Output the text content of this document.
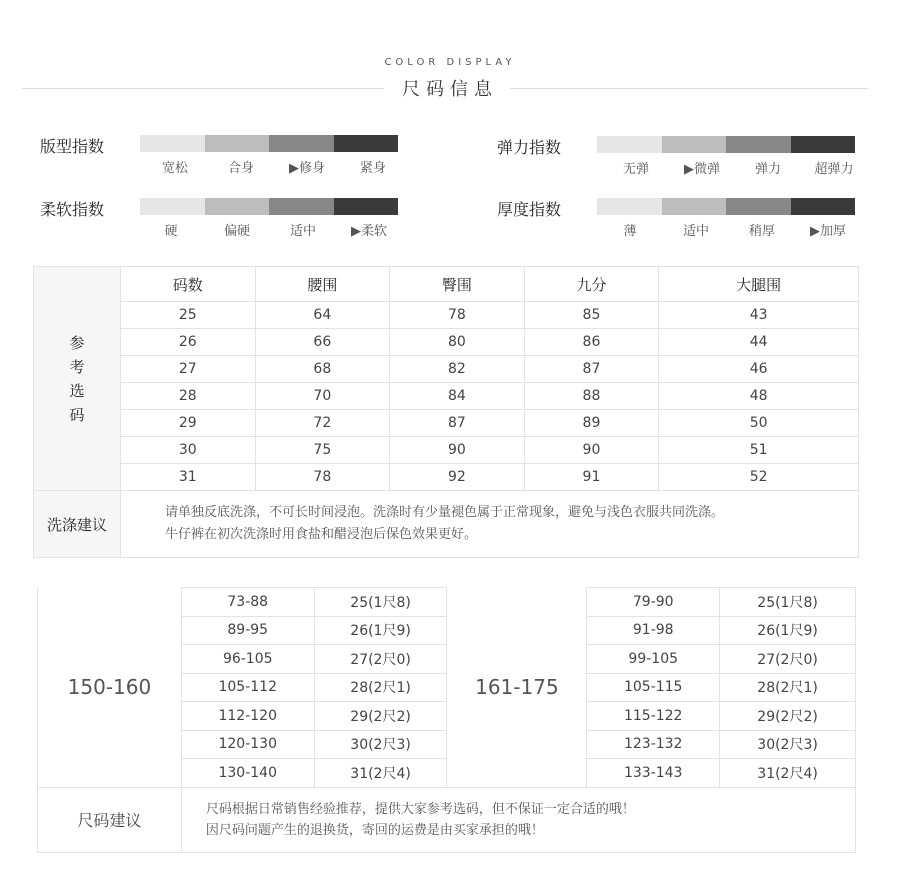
COLOR DISPLAY
尺码信息
版型指数
宽松	合身	▶修身	紧身
弹力指数
无弹	▶微弹	弹力	超弹力
柔软指数
硬	偏硬	适中	▶柔软
厚度指数
薄	适中	稍厚	▶加厚
参
考
选
码	码数	腰围	臀围	九分	大腿围
	25	64	78	85	43
	26	66	80	86	44
	27	68	82	87	46
	28	70	84	88	48
	29	72	87	89	50
	30	75	90	90	51
	31	78	92	91	52
洗涤建议	请单独反底洗涤，不可长时间浸泡。洗涤时有少量褪色属于正常现象，避免与浅色衣服共同洗涤。
牛仔裤在初次洗涤时用食盐和醋浸泡后保色效果更好。				
150-160	73-88	25(1尺8)	161-175	79-90	25(1尺8)
	89-95	26(1尺9)		91-98	26(1尺9)
	96-105	27(2尺0)		99-105	27(2尺0)
	105-112	28(2尺1)		105-115	28(2尺1)
	112-120	29(2尺2)		115-122	29(2尺2)
	120-130	30(2尺3)		123-132	30(2尺3)
	130-140	31(2尺4)		133-143	31(2尺4)
尺码建议	尺码根据日常销售经验推荐，提供大家参考选码，但不保证一定合适的哦！
因尺码问题产生的退换货，寄回的运费是由买家承担的哦！				
